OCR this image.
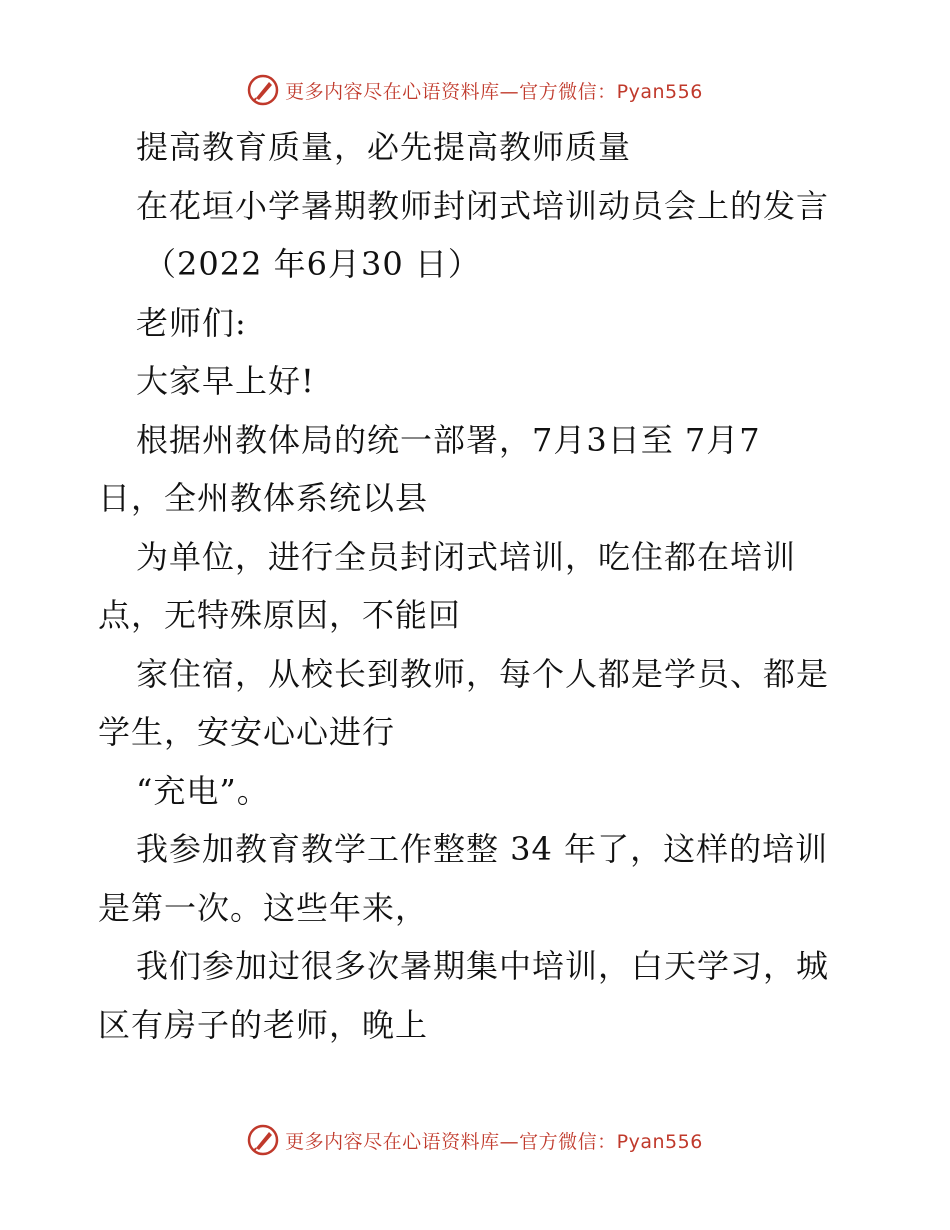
更多内容尽在心语资料库—官方微信：Pyan556
提高教育质量，必先提高教师质量
在花垣小学暑期教师封闭式培训动员会上的发言
（2022 年6月30 日）
老师们:
大家早上好!
根据州教体局的统一部署，7月3日至 7月7
日，全州教体系统以县
为单位，进行全员封闭式培训，吃住都在培训
点，无特殊原因，不能回
家住宿，从校长到教师，每个人都是学员、都是
学生，安安心心进行
“充电”。
我参加教育教学工作整整 34 年了，这样的培训
是第一次。这些年来，
我们参加过很多次暑期集中培训，白天学习，城
区有房子的老师，晚上
更多内容尽在心语资料库—官方微信：Pyan556
